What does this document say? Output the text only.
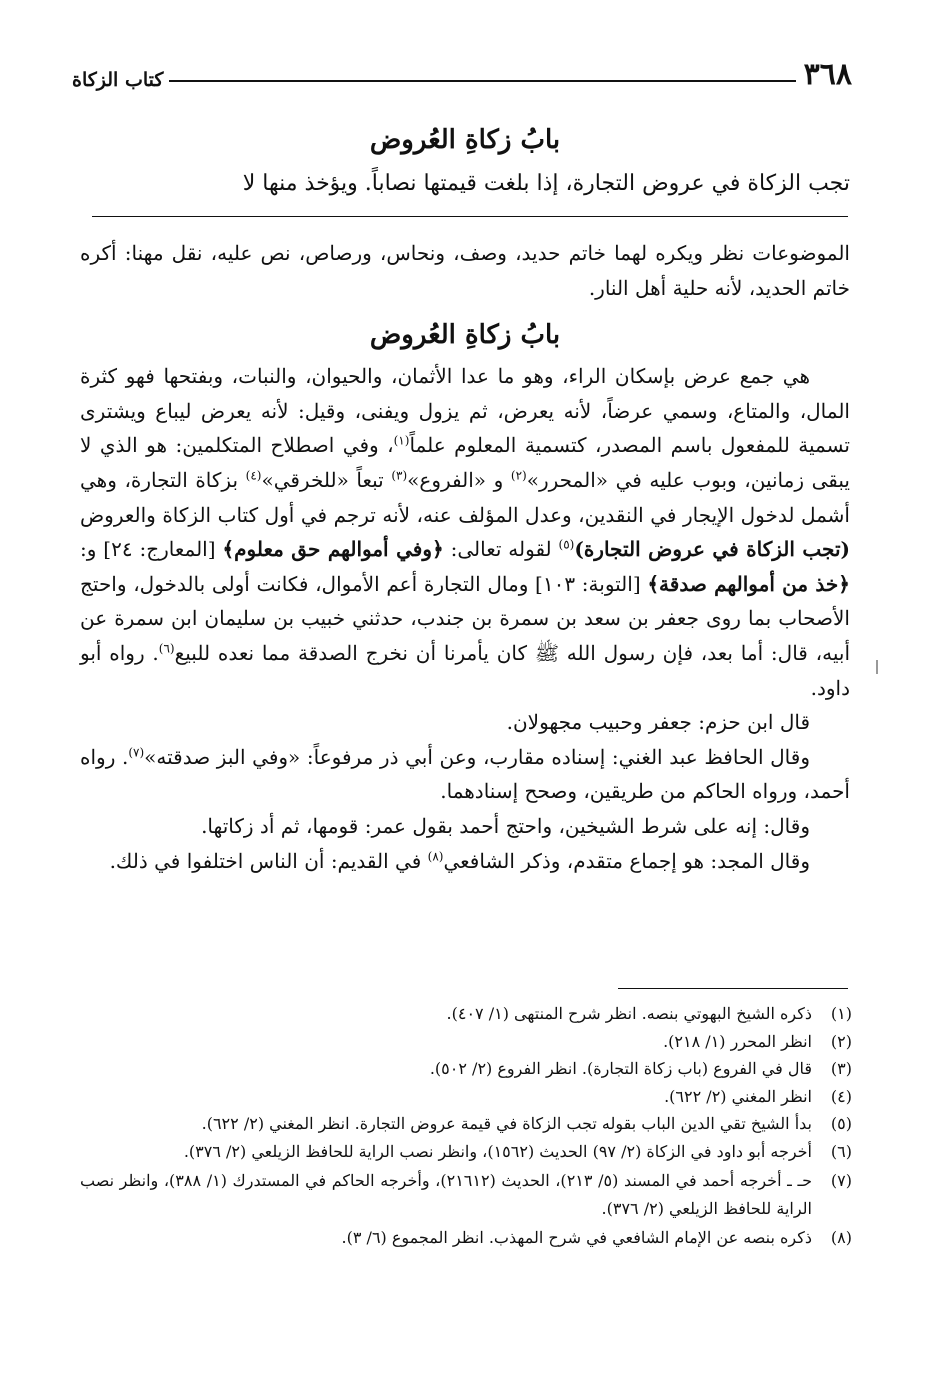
٣٦٨
كتاب الزكاة
بابُ زكاةِ العُروض

تجب الزكاة في عروض التجارة، إذا بلغت قيمتها نصاباً. ويؤخذ منها لا

الموضوعات نظر ويكره لهما خاتم حديد، وصف، ونحاس، ورصاص، نص عليه، نقل مهنا: أكره خاتم الحديد، لأنه حلية أهل النار.

بابُ زكاةِ العُروض

هي جمع عرض بإسكان الراء، وهو ما عدا الأثمان، والحيوان، والنبات، وبفتحها فهو كثرة المال، والمتاع، وسمي عرضاً، لأنه يعرض، ثم يزول ويفنى، وقيل: لأنه يعرض ليباع ويشترى تسمية للمفعول باسم المصدر، كتسمية المعلوم علماً$^{(١)}$، وفي اصطلاح المتكلمين: هو الذي لا يبقى زمانين، وبوب عليه في «المحرر»$^{(٢)}$ و «الفروع»$^{(٣)}$ تبعاً «للخرقي»$^{(٤)}$ بزكاة التجارة، وهي أشمل لدخول الإيجار في النقدين، وعدل المؤلف عنه، لأنه ترجم في أول كتاب الزكاة والعروض (تجب الزكاة في عروض التجارة)$^{(٥)}$ لقوله تعالى: ﴿وفي أموالهم حق معلوم﴾ [المعارج: ٢٤] و: ﴿خذ من أموالهم صدقة﴾ [التوبة: ١٠٣] ومال التجارة أعم الأموال، فكانت أولى بالدخول، واحتج الأصحاب بما روى جعفر بن سعد بن سمرة بن جندب، حدثني خبيب بن سليمان ابن سمرة عن أبيه، قال: أما بعد، فإن رسول الله ﷺ كان يأمرنا أن نخرج الصدقة مما نعده للبيع$^{(٦)}$. رواه أبو داود.

قال ابن حزم: جعفر وحبيب مجهولان.

وقال الحافظ عبد الغني: إسناده مقارب، وعن أبي ذر مرفوعاً: «وفي البز صدقته»$^{(٧)}$. رواه أحمد، ورواه الحاكم من طريقين، وصحح إسنادهما.

وقال: إنه على شرط الشيخين، واحتج أحمد بقول عمر: قومها، ثم أد زكاتها.

وقال المجد: هو إجماع متقدم، وذكر الشافعي$^{(٨)}$ في القديم: أن الناس اختلفوا في ذلك.

(١)
ذكره الشيخ البهوتي بنصه. انظر شرح المنتهى (١/ ٤٠٧).
(٢)
انظر المحرر (١/ ٢١٨).
(٣)
قال في الفروع (باب زكاة التجارة). انظر الفروع (٢/ ٥٠٢).
(٤)
انظر المغني (٢/ ٦٢٢).
(٥)
بدأ الشيخ تقي الدين الباب بقوله تجب الزكاة في قيمة عروض التجارة. انظر المغني (٢/ ٦٢٢).
(٦)
أخرجه أبو داود في الزكاة (٢/ ٩٧) الحديث (١٥٦٢)، وانظر نصب الراية للحافظ الزيلعي (٢/ ٣٧٦).
(٧)
حـ ـ أخرجه أحمد في المسند (٥/ ٢١٣)، الحديث (٢١٦١٢)، وأخرجه الحاكم في المستدرك (١/ ٣٨٨)، وانظر نصب الراية للحافظ الزيلعي (٢/ ٣٧٦).
(٨)
ذكره بنصه عن الإمام الشافعي في شرح المهذب. انظر المجموع (٦/ ٣).
